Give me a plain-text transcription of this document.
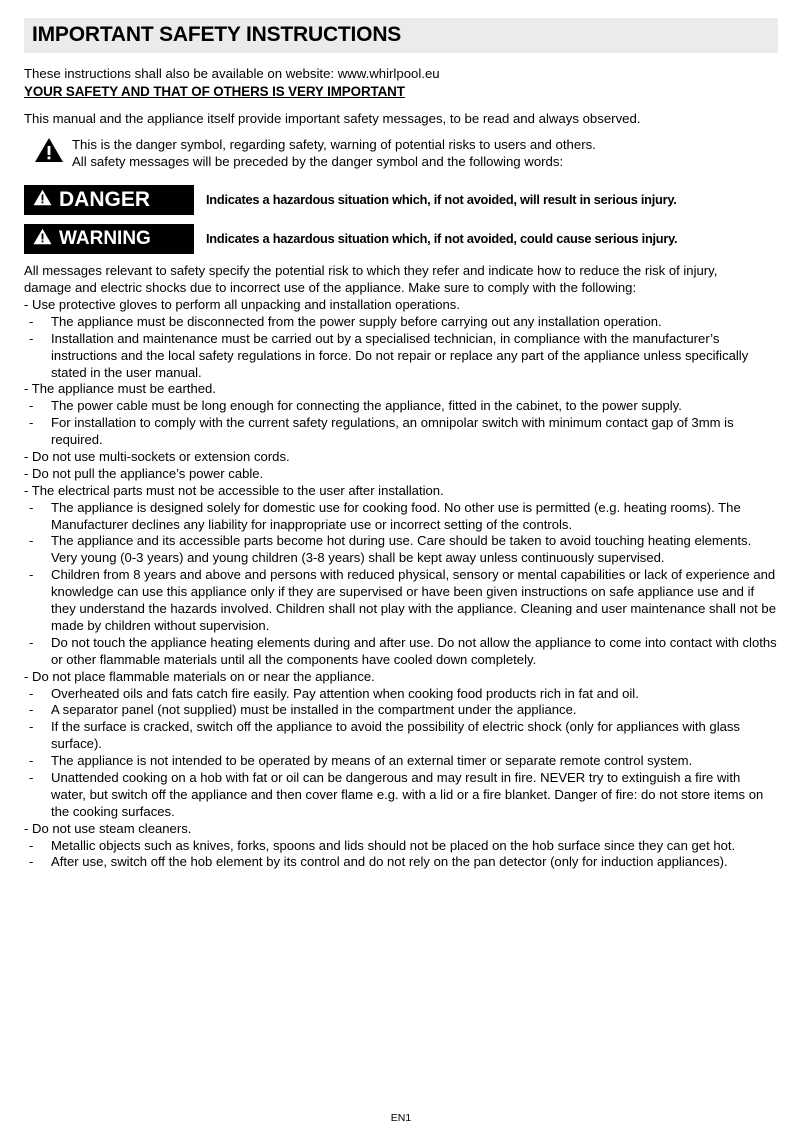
IMPORTANT SAFETY INSTRUCTIONS

These instructions shall also be available on website: www.whirlpool.eu

YOUR SAFETY AND THAT OF OTHERS IS VERY IMPORTANT

This manual and the appliance itself provide important safety messages, to be read and always observed.

This is the danger symbol, regarding safety, warning of potential risks to users and others.
All safety messages will be preceded by the danger symbol and the following words:
DANGER	Indicates a hazardous situation which, if not avoided, will result in serious injury.
WARNING	Indicates a hazardous situation which, if not avoided, could cause serious injury.

All messages relevant to safety specify the potential risk to which they refer and indicate how to reduce the risk of injury,

damage and electric shocks due to incorrect use of the appliance. Make sure to comply with the following:

- Use protective gloves to perform all unpacking and installation operations.
- The appliance must be disconnected from the power supply before carrying out any installation operation.
- Installation and maintenance must be carried out by a specialised technician, in compliance with the manufacturer’s instructions and the local safety regulations in force. Do not repair or replace any part of the appliance unless specifically stated in the user manual.
- The appliance must be earthed.
- The power cable must be long enough for connecting the appliance, fitted in the cabinet, to the power supply.
- For installation to comply with the current safety regulations, an omnipolar switch with minimum contact gap of 3mm is required.
- Do not use multi-sockets or extension cords.
- Do not pull the appliance’s power cable.
- The electrical parts must not be accessible to the user after installation.
- The appliance is designed solely for domestic use for cooking food. No other use is permitted (e.g. heating rooms). The Manufacturer declines any liability for inappropriate use or incorrect setting of the controls.
- The appliance and its accessible parts become hot during use. Care should be taken to avoid touching heating elements. Very young (0-3 years) and young children (3-8 years) shall be kept away unless continuously supervised.
- Children from 8 years and above and persons with reduced physical, sensory or mental capabilities or lack of experience and knowledge can use this appliance only if they are supervised or have been given instructions on safe appliance use and if they understand the hazards involved. Children shall not play with the appliance. Cleaning and user maintenance shall not be made by children without supervision.
- Do not touch the appliance heating elements during and after use. Do not allow the appliance to come into contact with cloths or other flammable materials until all the components have cooled down completely.
- Do not place flammable materials on or near the appliance.
- Overheated oils and fats catch fire easily. Pay attention when cooking food products rich in fat and oil.
- A separator panel (not supplied) must be installed in the compartment under the appliance.
- If the surface is cracked, switch off the appliance to avoid the possibility of electric shock (only for appliances with glass surface).
- The appliance is not intended to be operated by means of an external timer or separate remote control system.
- Unattended cooking on a hob with fat or oil can be dangerous and may result in fire. NEVER try to extinguish a fire with water, but switch off the appliance and then cover flame e.g. with a lid or a fire blanket. Danger of fire: do not store items on the cooking surfaces.
- Do not use steam cleaners.
- Metallic objects such as knives, forks, spoons and lids should not be placed on the hob surface since they can get hot.
- After use, switch off the hob element by its control and do not rely on the pan detector (only for induction appliances).
EN1
